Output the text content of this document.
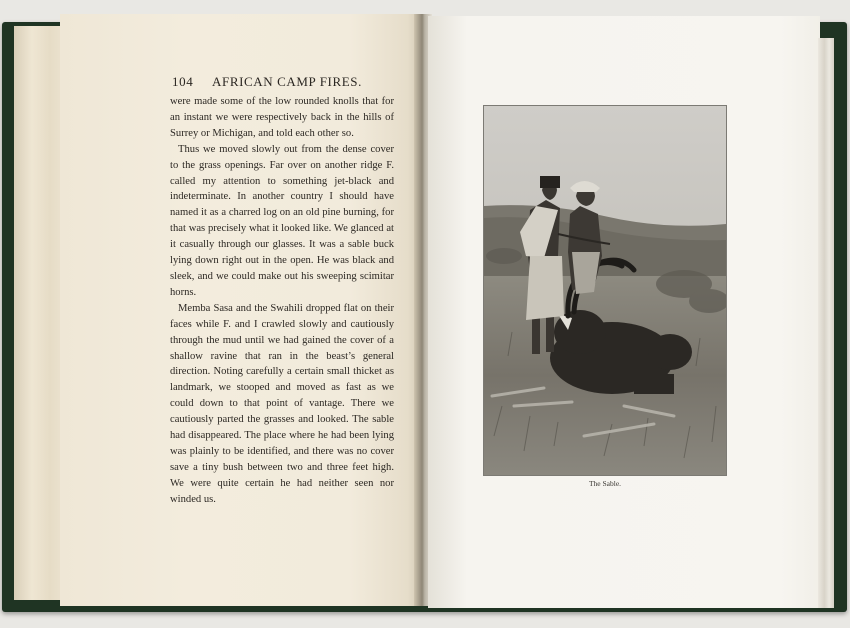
104 AFRICAN CAMP FIRES.

were made some of the low rounded knolls that for an instant we were respectively back in the hills of Surrey or Michigan, and told each other so.

Thus we moved slowly out from the dense cover to the grass openings. Far over on another ridge F. called my attention to something jet-black and indeterminate. In another country I should have named it as a charred log on an old pine burning, for that was precisely what it looked like. We glanced at it casually through our glasses. It was a sable buck lying down right out in the open. He was black and sleek, and we could make out his sweeping scimitar horns.

Memba Sasa and the Swahili dropped flat on their faces while F. and I crawled slowly and cautiously through the mud until we had gained the cover of a shallow ravine that ran in the beast’s general direction. Noting carefully a certain small thicket as landmark, we stooped and moved as fast as we could down to that point of vantage. There we cautiously parted the grasses and looked. The sable had disappeared. The place where he had been lying was plainly to be identified, and there was no cover save a tiny bush between two and three feet high. We were quite certain he had neither seen nor winded us.

The Sable.
